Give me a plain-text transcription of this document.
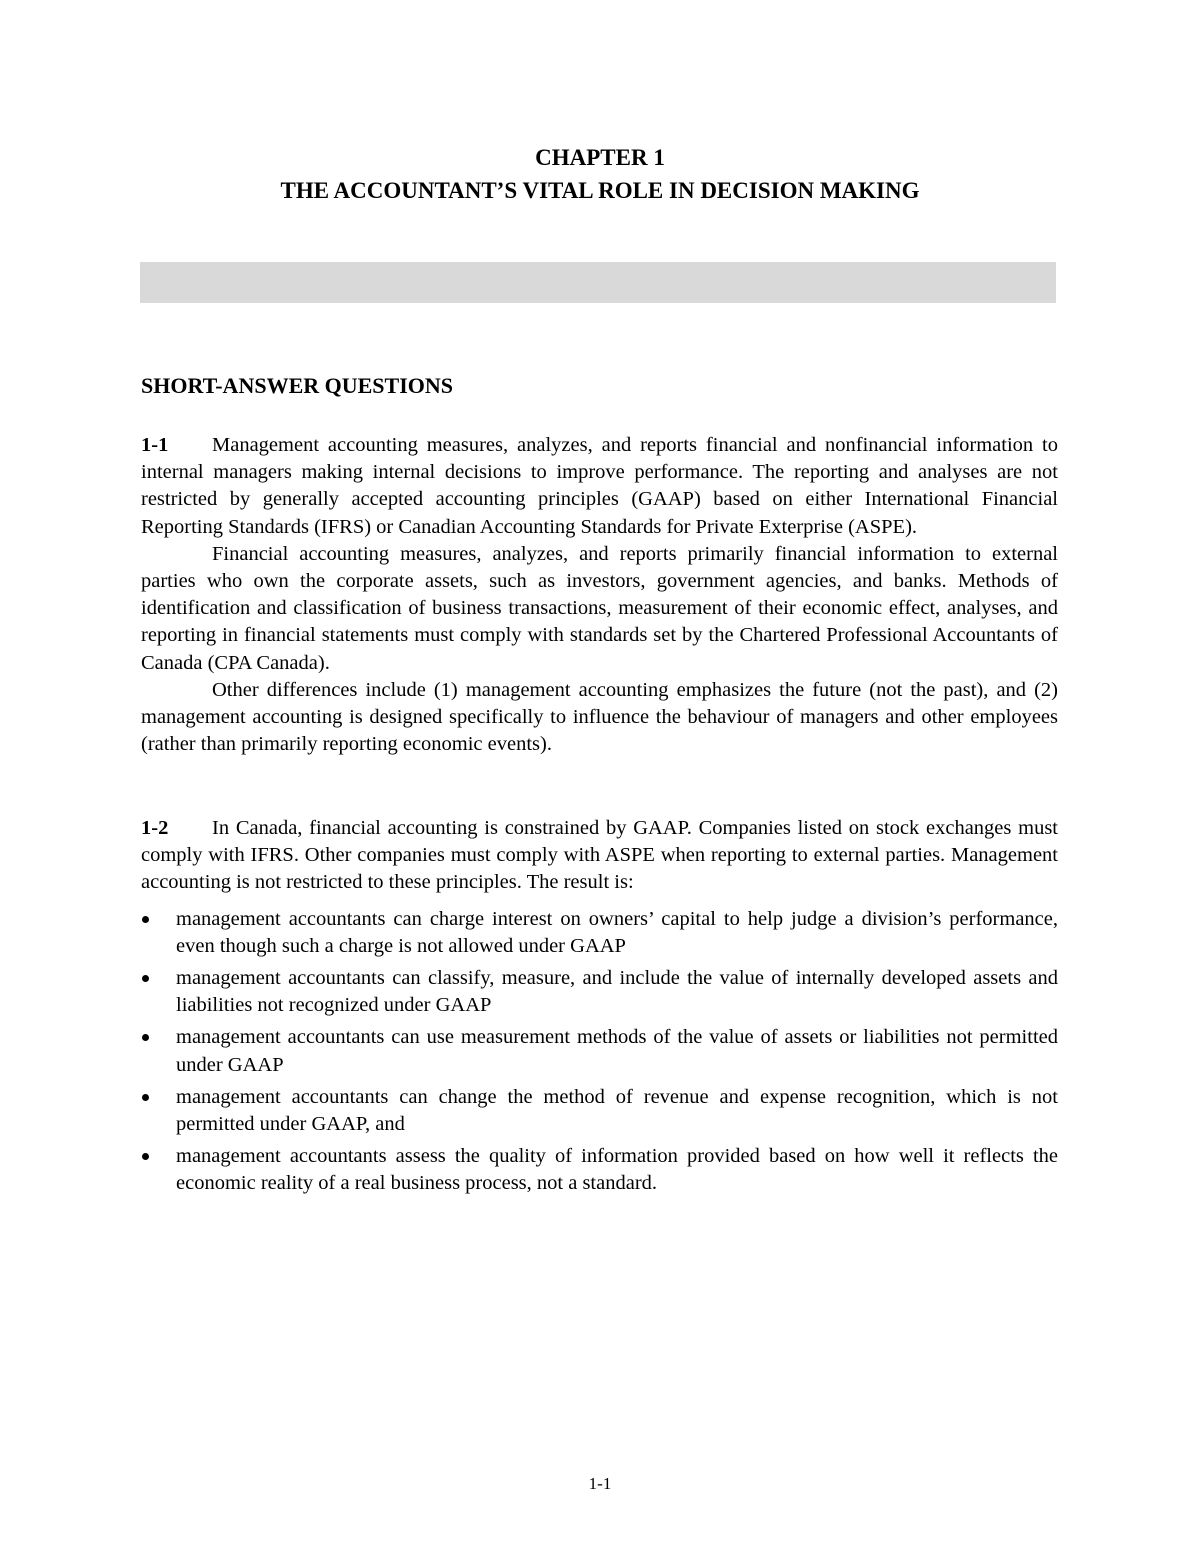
CHAPTER 1
THE ACCOUNTANT’S VITAL ROLE IN DECISION MAKING
SHORT-ANSWER QUESTIONS

1-1 Management accounting measures, analyzes, and reports financial and nonfinancial information to internal managers making internal decisions to improve performance. The reporting and analyses are not restricted by generally accepted accounting principles (GAAP) based on either International Financial Reporting Standards (IFRS) or Canadian Accounting Standards for Private Exterprise (ASPE).

Financial accounting measures, analyzes, and reports primarily financial information to external parties who own the corporate assets, such as investors, government agencies, and banks. Methods of identification and classification of business transactions, measurement of their economic effect, analyses, and reporting in financial statements must comply with standards set by the Chartered Professional Accountants of Canada (CPA Canada).

Other differences include (1) management accounting emphasizes the future (not the past), and (2) management accounting is designed specifically to influence the behaviour of managers and other employees (rather than primarily reporting economic events).

1-2 In Canada, financial accounting is constrained by GAAP. Companies listed on stock exchanges must comply with IFRS. Other companies must comply with ASPE when reporting to external parties. Management accounting is not restricted to these principles. The result is:

management accountants can charge interest on owners’ capital to help judge a division’s performance, even though such a charge is not allowed under GAAP
management accountants can classify, measure, and include the value of internally developed assets and liabilities not recognized under GAAP
management accountants can use measurement methods of the value of assets or liabilities not permitted under GAAP
management accountants can change the method of revenue and expense recognition, which is not permitted under GAAP, and
management accountants assess the quality of information provided based on how well it reflects the economic reality of a real business process, not a standard.
1-1
